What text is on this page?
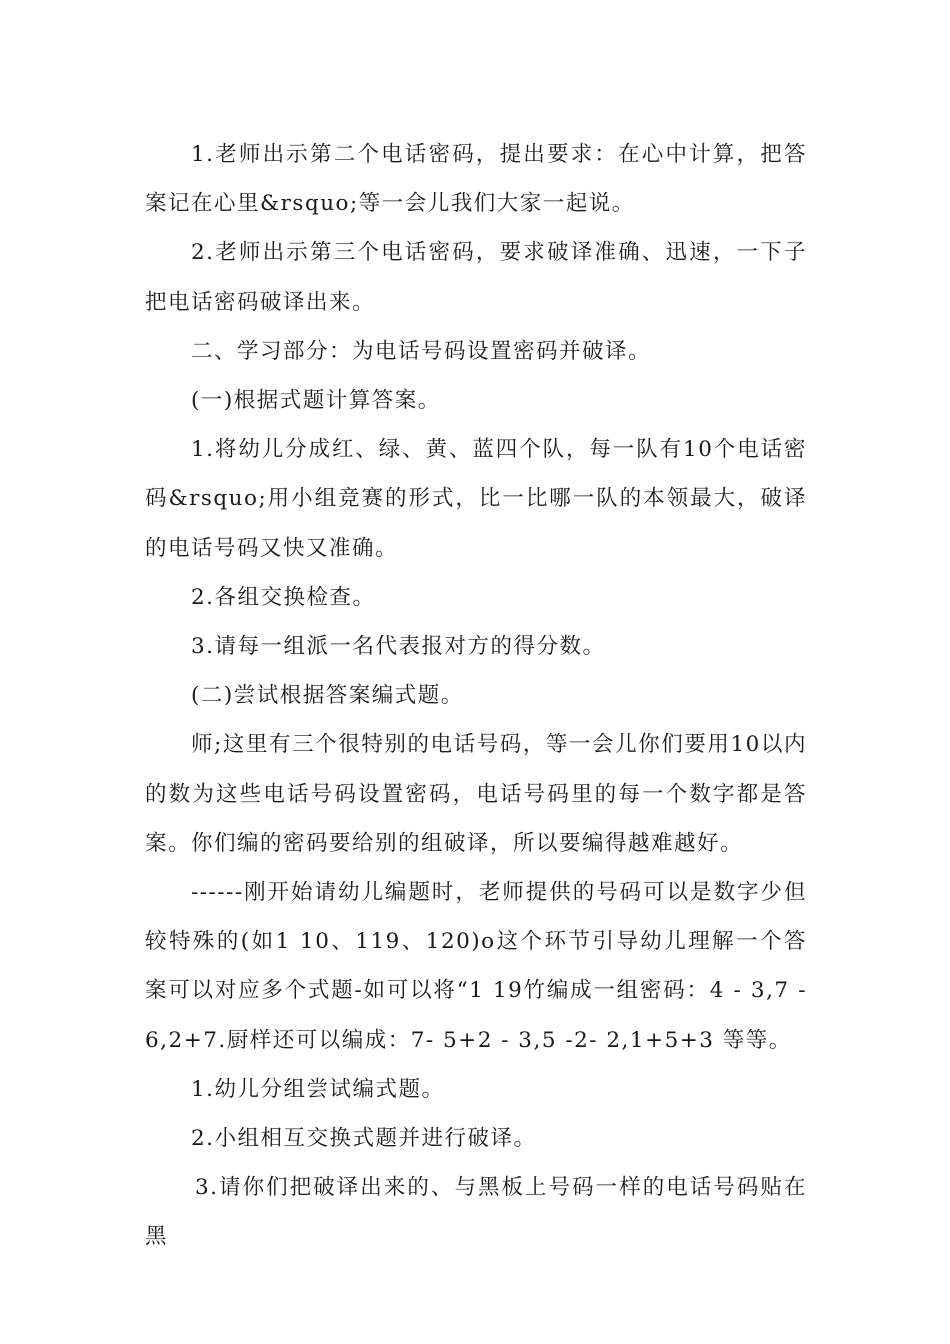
1.老师出示第二个电话密码，提出要求：在心中计算，把答案记在心里&rsquo;等一会儿我们大家一起说。

2.老师出示第三个电话密码，要求破译准确、迅速，一下子把电话密码破译出来。

二、学习部分：为电话号码设置密码并破译。

(一)根据式题计算答案。

1.将幼儿分成红、绿、黄、蓝四个队，每一队有10个电话密码&rsquo;用小组竞赛的形式，比一比哪一队的本领最大，破译的电话号码又快又准确。

2.各组交换检查。

3.请每一组派一名代表报对方的得分数。

(二)尝试根据答案编式题。

师;这里有三个很特别的电话号码，等一会儿你们要用10以内的数为这些电话号码设置密码，电话号码里的每一个数字都是答案。你们编的密码要给别的组破译，所以要编得越难越好。

------刚开始请幼儿编题时，老师提供的号码可以是数字少但较特殊的(如1 10、119、120)o这个环节引导幼儿理解一个答案可以对应多个式题-如可以将“1 19竹编成一组密码：4 - 3,7 - 6,2+7.厨样还可以编成：7- 5+2 - 3,5 -2- 2,1+5+3 等等。

1.幼儿分组尝试编式题。

2.小组相互交换式题并进行破译。

3.请你们把破译出来的、与黑板上号码一样的电话号码贴在黑
